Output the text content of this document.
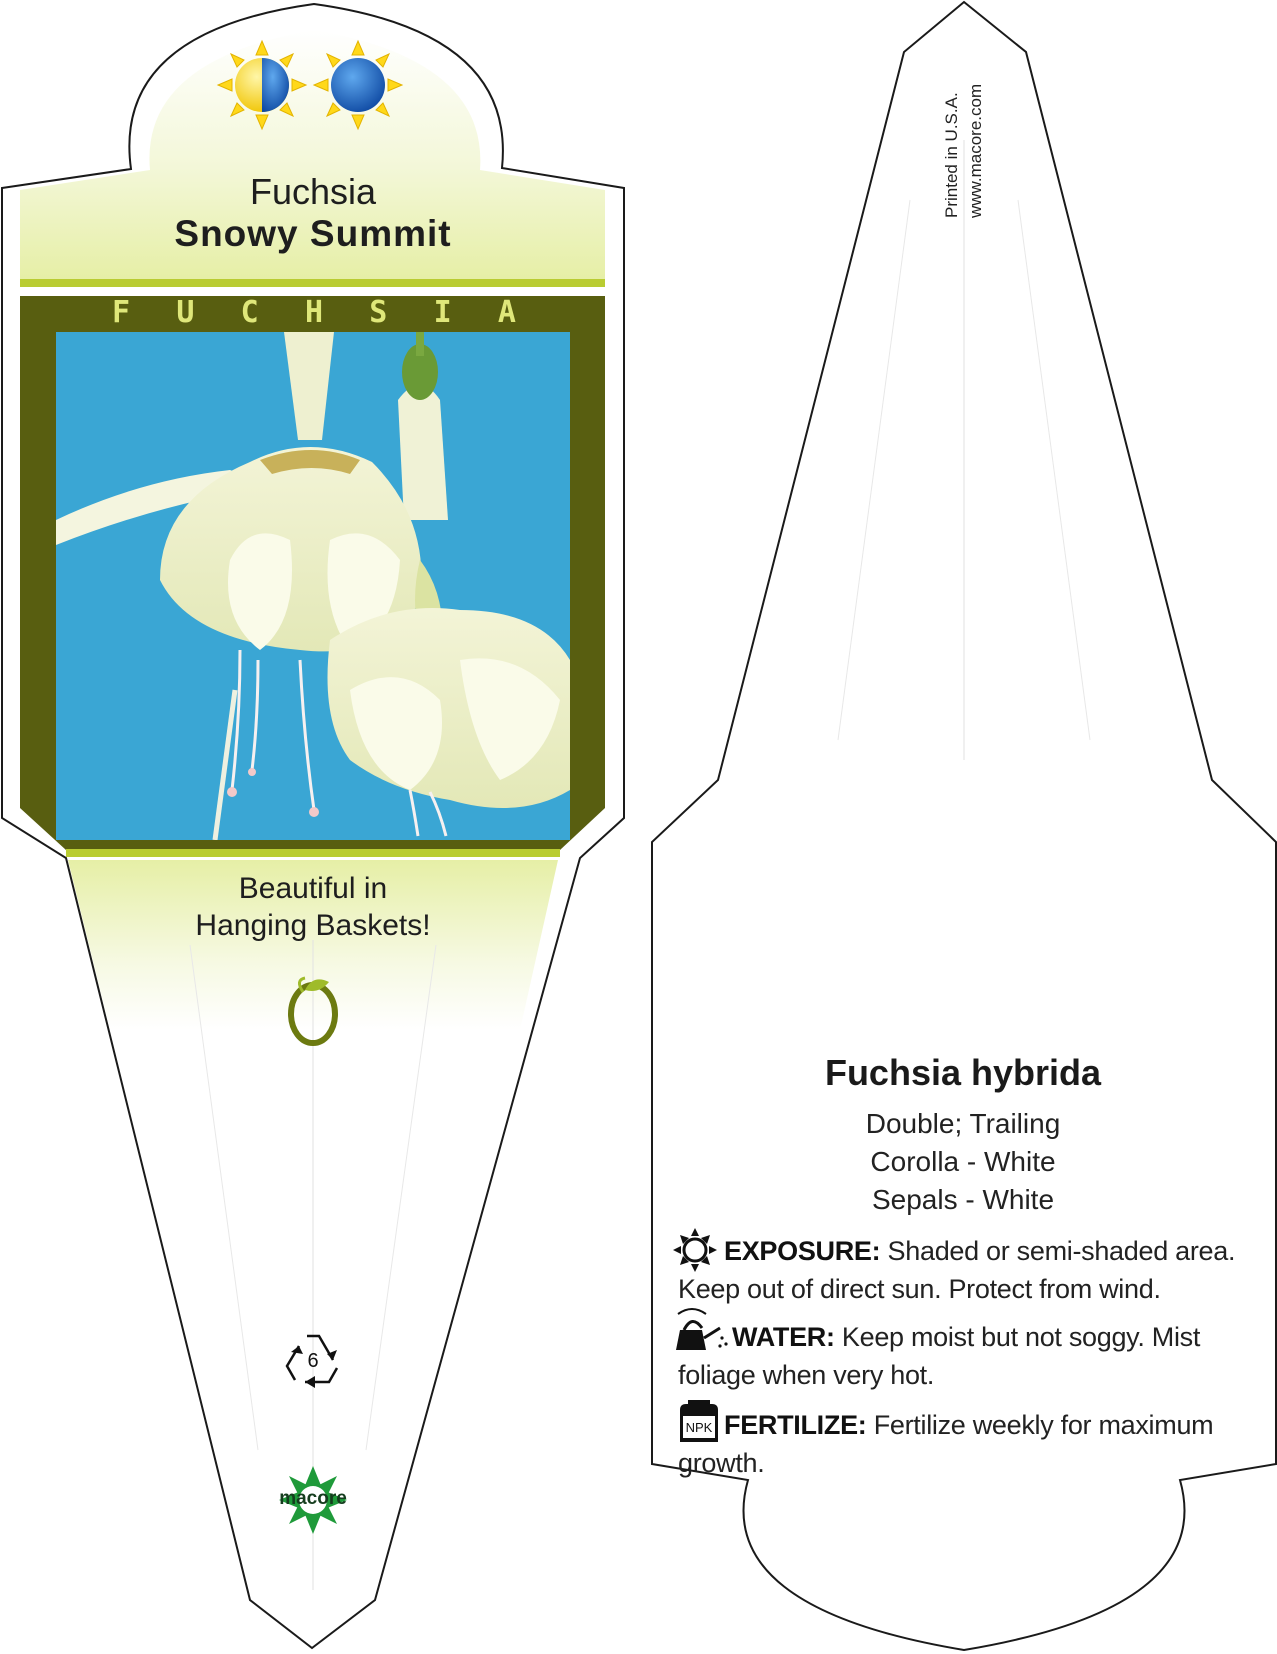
Fuchsia

Snowy Summit

F U C H S I A
Beautiful in
Hanging Baskets!

6

macore

Printed in U.S.A. www.macore.com

Fuchsia hybrida

Double; Trailing
Corolla - White
Sepals - White
EXPOSURE: Shaded or semi-shaded area. Keep out of direct sun. Protect from wind.
WATER: Keep moist but not soggy. Mist foliage when very hot.
FERTILIZE: Fertilize weekly for maximum growth.

NPK
